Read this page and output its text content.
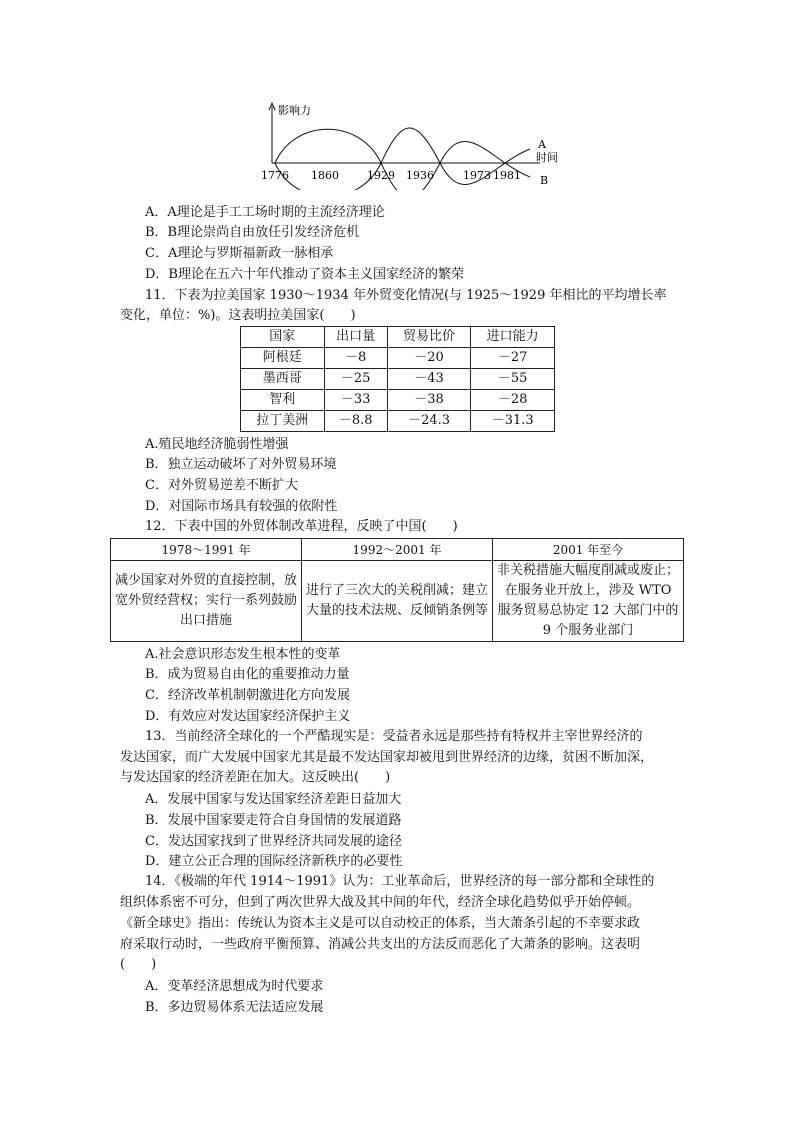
影响力
时间
A
B
1776 1860	1929 1936	1973 1981
A．A理论是手工工场时期的主流经济理论
B．B理论崇尚自由放任引发经济危机
C．A理论与罗斯福新政一脉相承
D．B理论在五六十年代推动了资本主义国家经济的繁荣
11．下表为拉美国家 1930～1934 年外贸变化情况(与 1925～1929 年相比的平均增长率
变化，单位：%)。这表明拉美国家(　　)
国家	出口量	贸易比价	进口能力
阿根廷	－8	－20	－27
墨西哥	－25	－43	－55
智利	－33	－38	－28
拉丁美洲	－8.8	－24.3	－31.3
A.殖民地经济脆弱性增强
B．独立运动破坏了对外贸易环境
C．对外贸易逆差不断扩大
D．对国际市场具有较强的依附性
12．下表中国的外贸体制改革进程，反映了中国(　　)
1978～1991 年	1992～2001 年	2001 年至今
减少国家对外贸的直接控制，放宽外贸经营权；实行一系列鼓励出口措施	进行了三次大的关税削减；建立大量的技术法规、反倾销条例等	非关税措施大幅度削减或废止；在服务业开放上，涉及 WTO 服务贸易总协定 12 大部门中的 9 个服务业部门
A.社会意识形态发生根本性的变革
B．成为贸易自由化的重要推动力量
C．经济改革机制朝激进化方向发展
D．有效应对发达国家经济保护主义
13．当前经济全球化的一个严酷现实是：受益者永远是那些持有特权并主宰世界经济的
发达国家，而广大发展中国家尤其是最不发达国家却被甩到世界经济的边缘，贫困不断加深，
与发达国家的经济差距在加大。这反映出(　　)
A．发展中国家与发达国家经济差距日益加大
B．发展中国家要走符合自身国情的发展道路
C．发达国家找到了世界经济共同发展的途径
D．建立公正合理的国际经济新秩序的必要性
14．《极端的年代 1914～1991》认为：工业革命后，世界经济的每一部分都和全球性的
组织体系密不可分，但到了两次世界大战及其中间的年代，经济全球化趋势似乎开始停顿。
《新全球史》指出：传统认为资本主义是可以自动校正的体系，当大萧条引起的不幸要求政
府采取行动时，一些政府平衡预算、消减公共支出的方法反而恶化了大萧条的影响。这表明
(　　)
A．变革经济思想成为时代要求
B．多边贸易体系无法适应发展
